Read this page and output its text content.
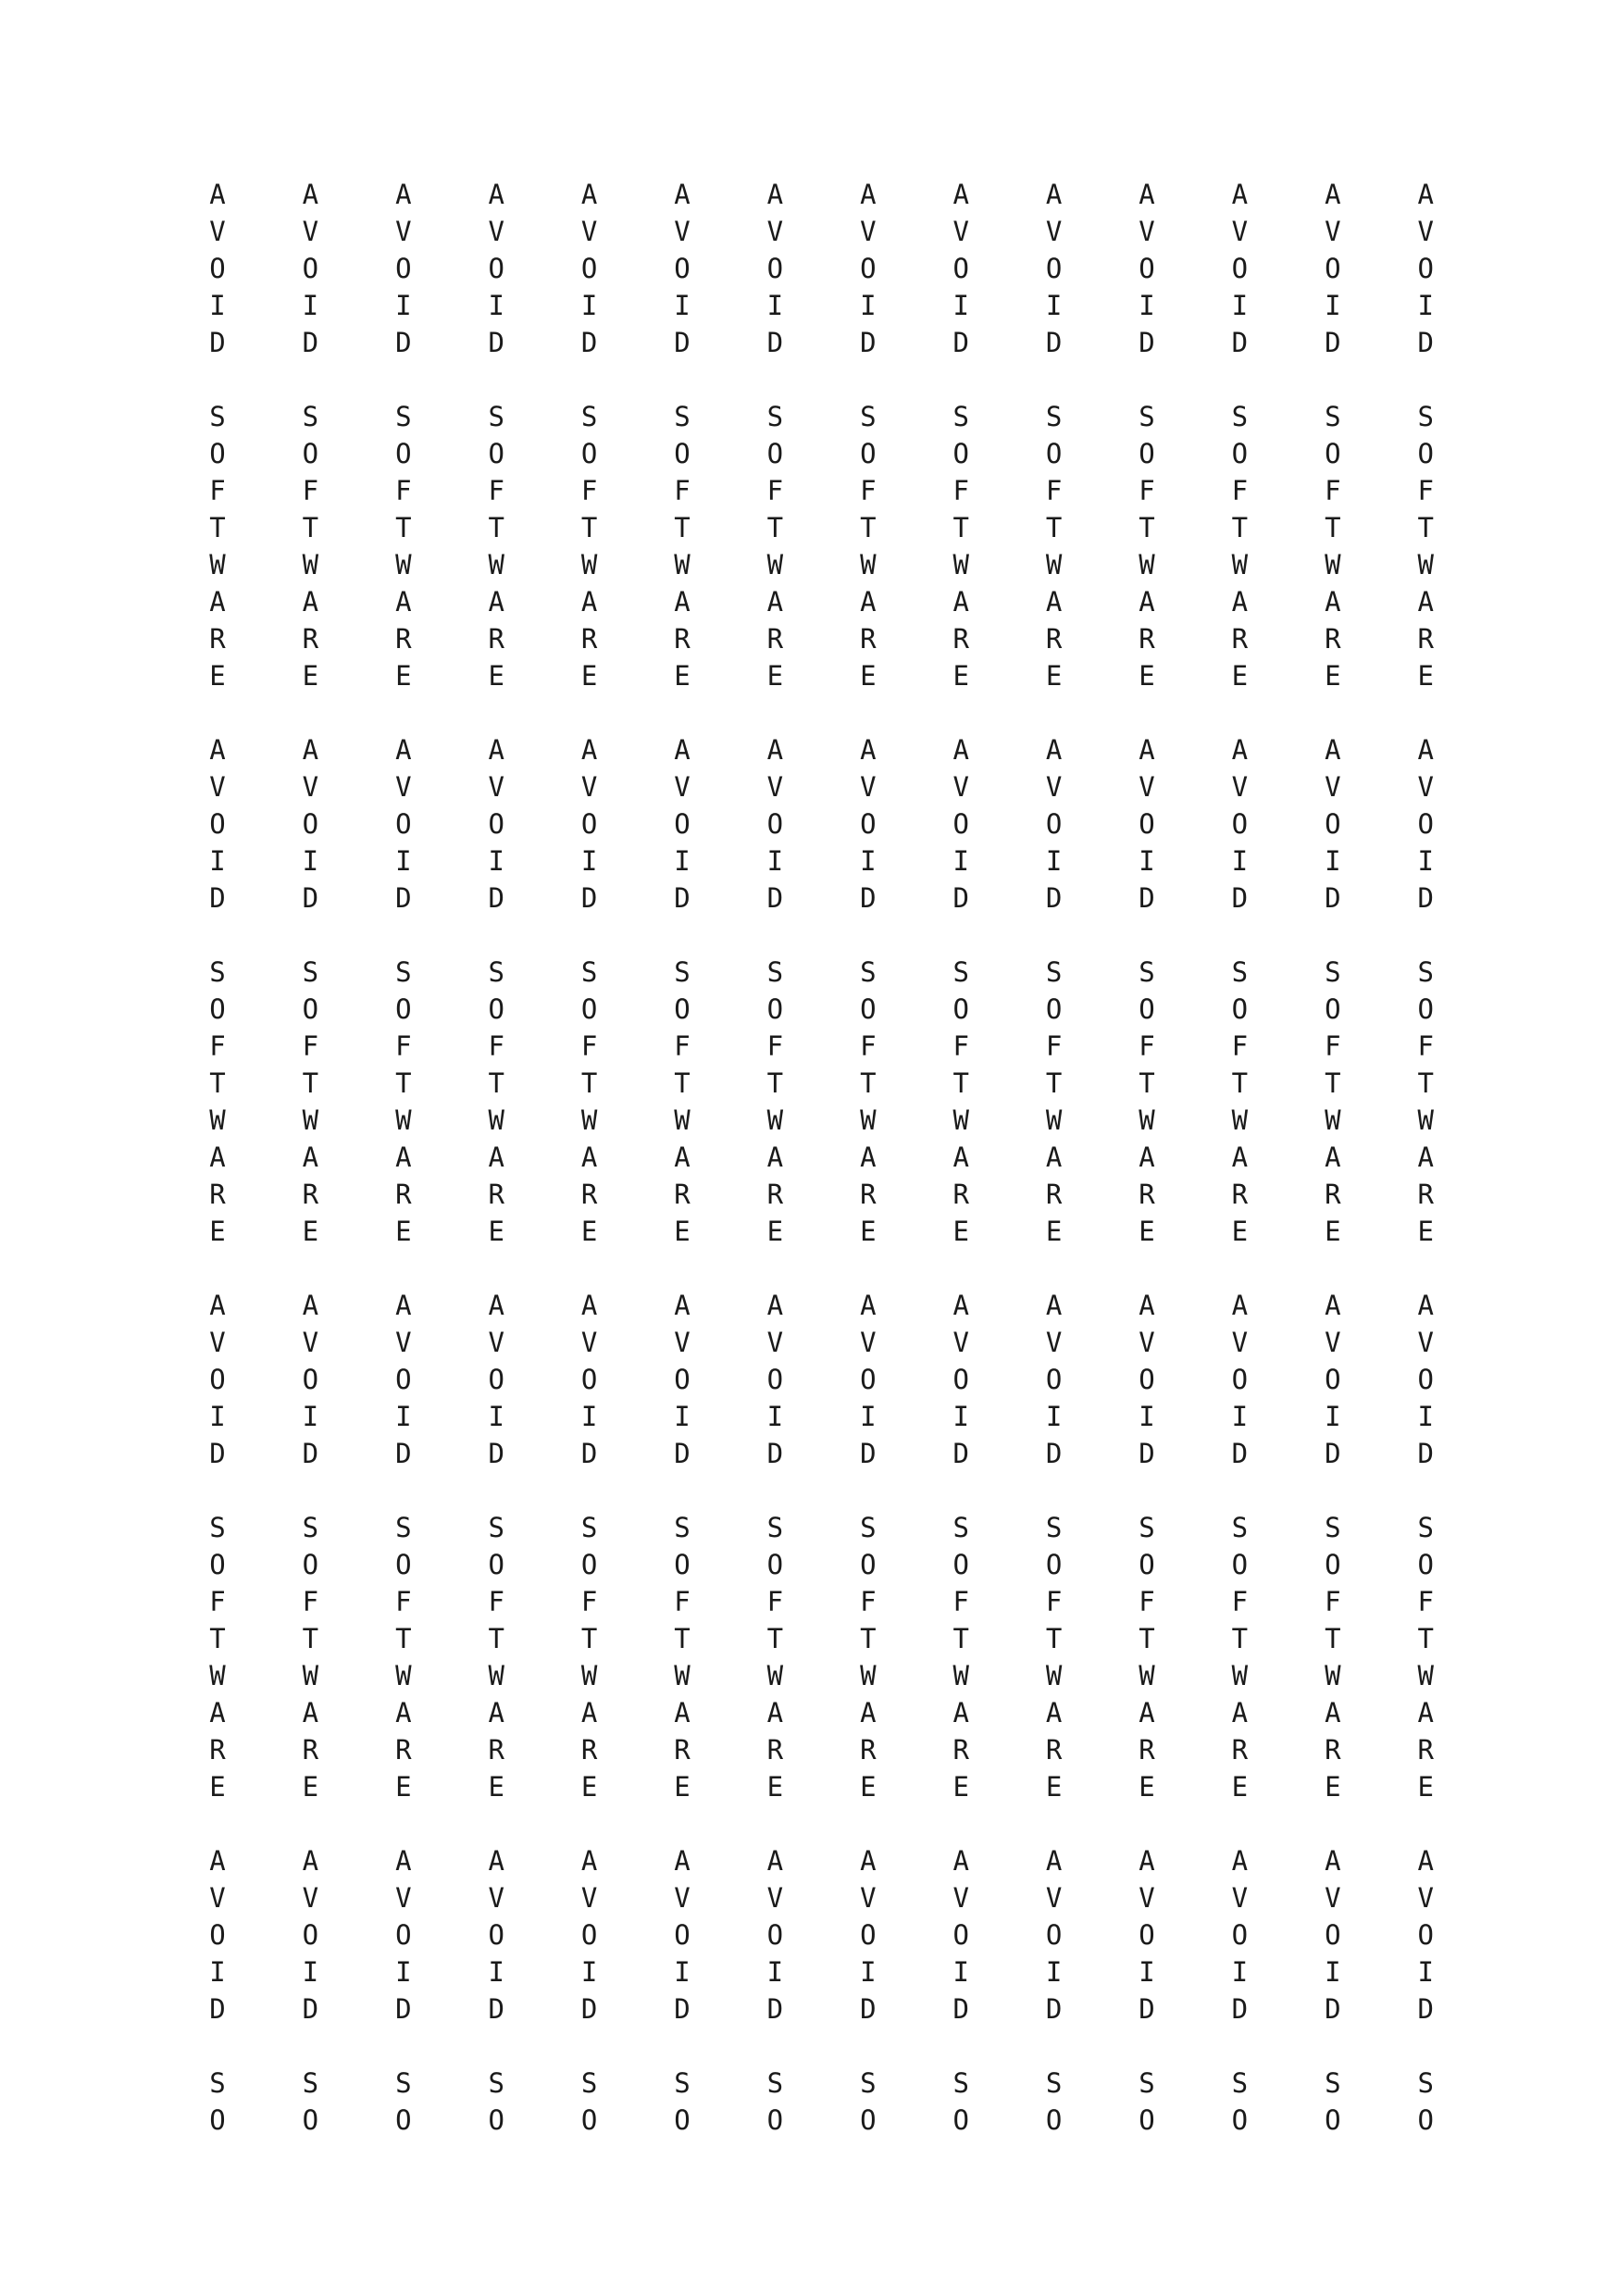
A
V
O
I
D
S
O
F
T
W
A
R
E
A
V
O
I
D
S
O
F
T
W
A
R
E
A
V
O
I
D
S
O
F
T
W
A
R
E
A
V
O
I
D
S
O
A
V
O
I
D
S
O
F
T
W
A
R
E
A
V
O
I
D
S
O
F
T
W
A
R
E
A
V
O
I
D
S
O
F
T
W
A
R
E
A
V
O
I
D
S
O
A
V
O
I
D
S
O
F
T
W
A
R
E
A
V
O
I
D
S
O
F
T
W
A
R
E
A
V
O
I
D
S
O
F
T
W
A
R
E
A
V
O
I
D
S
O
A
V
O
I
D
S
O
F
T
W
A
R
E
A
V
O
I
D
S
O
F
T
W
A
R
E
A
V
O
I
D
S
O
F
T
W
A
R
E
A
V
O
I
D
S
O
A
V
O
I
D
S
O
F
T
W
A
R
E
A
V
O
I
D
S
O
F
T
W
A
R
E
A
V
O
I
D
S
O
F
T
W
A
R
E
A
V
O
I
D
S
O
A
V
O
I
D
S
O
F
T
W
A
R
E
A
V
O
I
D
S
O
F
T
W
A
R
E
A
V
O
I
D
S
O
F
T
W
A
R
E
A
V
O
I
D
S
O
A
V
O
I
D
S
O
F
T
W
A
R
E
A
V
O
I
D
S
O
F
T
W
A
R
E
A
V
O
I
D
S
O
F
T
W
A
R
E
A
V
O
I
D
S
O
A
V
O
I
D
S
O
F
T
W
A
R
E
A
V
O
I
D
S
O
F
T
W
A
R
E
A
V
O
I
D
S
O
F
T
W
A
R
E
A
V
O
I
D
S
O
A
V
O
I
D
S
O
F
T
W
A
R
E
A
V
O
I
D
S
O
F
T
W
A
R
E
A
V
O
I
D
S
O
F
T
W
A
R
E
A
V
O
I
D
S
O
A
V
O
I
D
S
O
F
T
W
A
R
E
A
V
O
I
D
S
O
F
T
W
A
R
E
A
V
O
I
D
S
O
F
T
W
A
R
E
A
V
O
I
D
S
O
A
V
O
I
D
S
O
F
T
W
A
R
E
A
V
O
I
D
S
O
F
T
W
A
R
E
A
V
O
I
D
S
O
F
T
W
A
R
E
A
V
O
I
D
S
O
A
V
O
I
D
S
O
F
T
W
A
R
E
A
V
O
I
D
S
O
F
T
W
A
R
E
A
V
O
I
D
S
O
F
T
W
A
R
E
A
V
O
I
D
S
O
A
V
O
I
D
S
O
F
T
W
A
R
E
A
V
O
I
D
S
O
F
T
W
A
R
E
A
V
O
I
D
S
O
F
T
W
A
R
E
A
V
O
I
D
S
O
A
V
O
I
D
S
O
F
T
W
A
R
E
A
V
O
I
D
S
O
F
T
W
A
R
E
A
V
O
I
D
S
O
F
T
W
A
R
E
A
V
O
I
D
S
O
